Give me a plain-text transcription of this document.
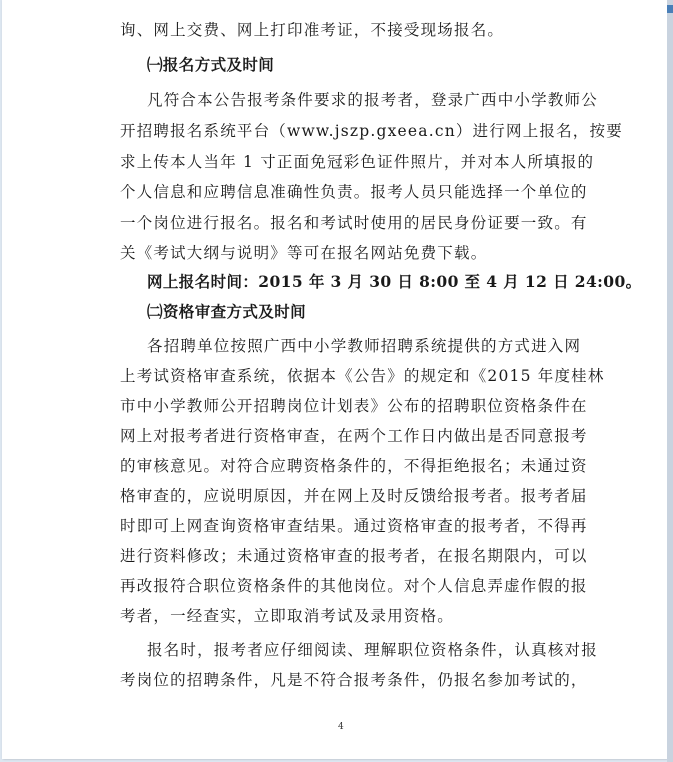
询、网上交费、网上打印准考证，不接受现场报名。
㈠报名方式及时间
凡符合本公告报考条件要求的报考者，登录广西中小学教师公
开招聘报名系统平台（www.jszp.gxeea.cn）进行网上报名，按要
求上传本人当年 1 寸正面免冠彩色证件照片，并对本人所填报的
个人信息和应聘信息准确性负责。报考人员只能选择一个单位的
一个岗位进行报名。报名和考试时使用的居民身份证要一致。有
关《考试大纲与说明》等可在报名网站免费下载。
网上报名时间：2015 年 3 月 30 日 8:00 至 4 月 12 日 24:00。
㈡资格审查方式及时间
各招聘单位按照广西中小学教师招聘系统提供的方式进入网
上考试资格审查系统，依据本《公告》的规定和《2015 年度桂林
市中小学教师公开招聘岗位计划表》公布的招聘职位资格条件在
网上对报考者进行资格审查，在两个工作日内做出是否同意报考
的审核意见。对符合应聘资格条件的，不得拒绝报名；未通过资
格审查的，应说明原因，并在网上及时反馈给报考者。报考者届
时即可上网查询资格审查结果。通过资格审查的报考者，不得再
进行资料修改；未通过资格审查的报考者，在报名期限内，可以
再改报符合职位资格条件的其他岗位。对个人信息弄虚作假的报
考者，一经查实，立即取消考试及录用资格。
报名时，报考者应仔细阅读、理解职位资格条件，认真核对报
考岗位的招聘条件，凡是不符合报考条件，仍报名参加考试的，
4
